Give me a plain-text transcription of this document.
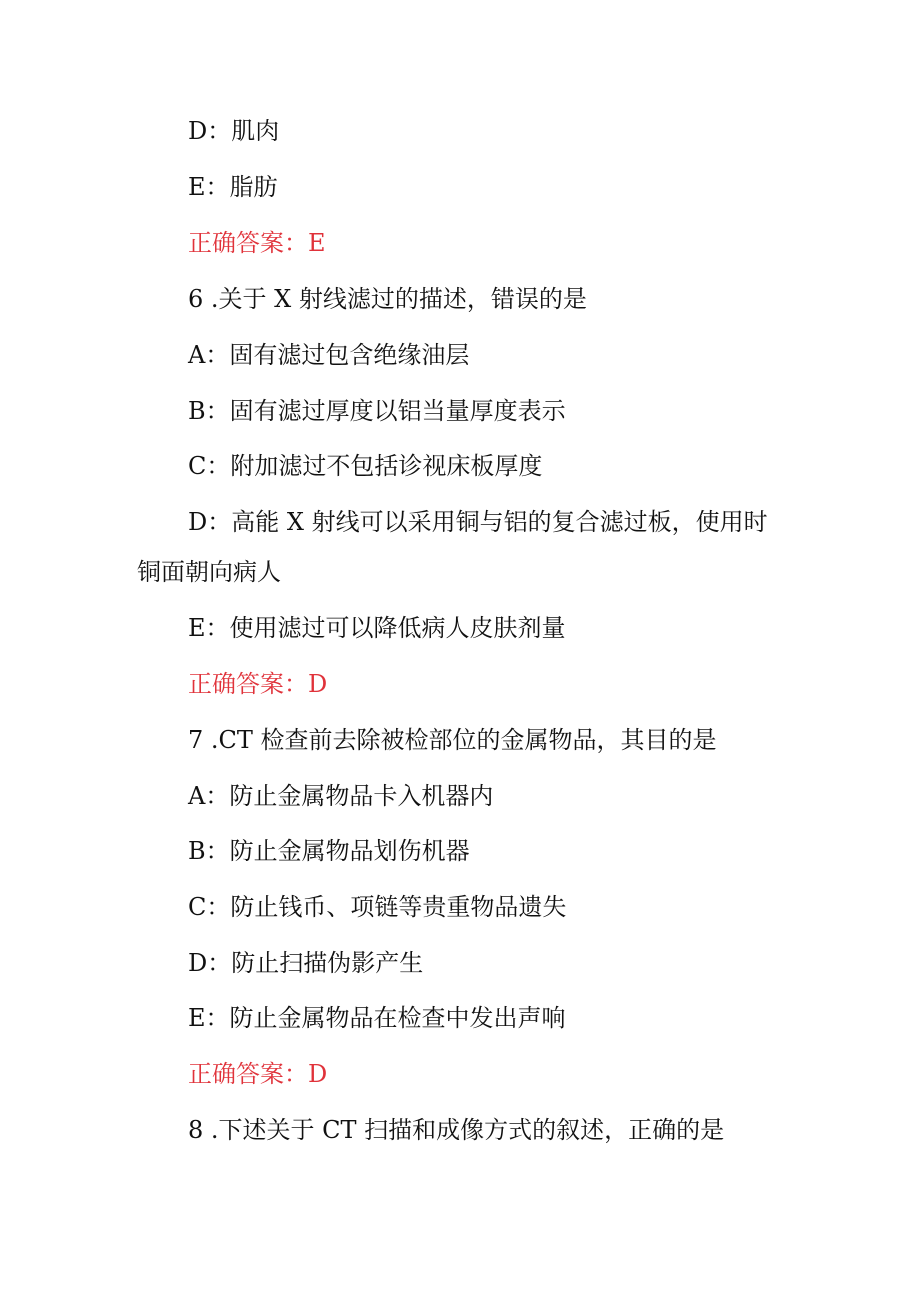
D：肌肉
E：脂肪
正确答案：E
6 .关于 X 射线滤过的描述，错误的是
A：固有滤过包含绝缘油层
B：固有滤过厚度以铝当量厚度表示
C：附加滤过不包括诊视床板厚度
D：高能 X 射线可以采用铜与铝的复合滤过板，使用时
铜面朝向病人
E：使用滤过可以降低病人皮肤剂量
正确答案：D
7 .CT 检查前去除被检部位的金属物品，其目的是
A：防止金属物品卡入机器内
B：防止金属物品划伤机器
C：防止钱币、项链等贵重物品遗失
D：防止扫描伪影产生
E：防止金属物品在检查中发出声响
正确答案：D
8 .下述关于 CT 扫描和成像方式的叙述，正确的是
